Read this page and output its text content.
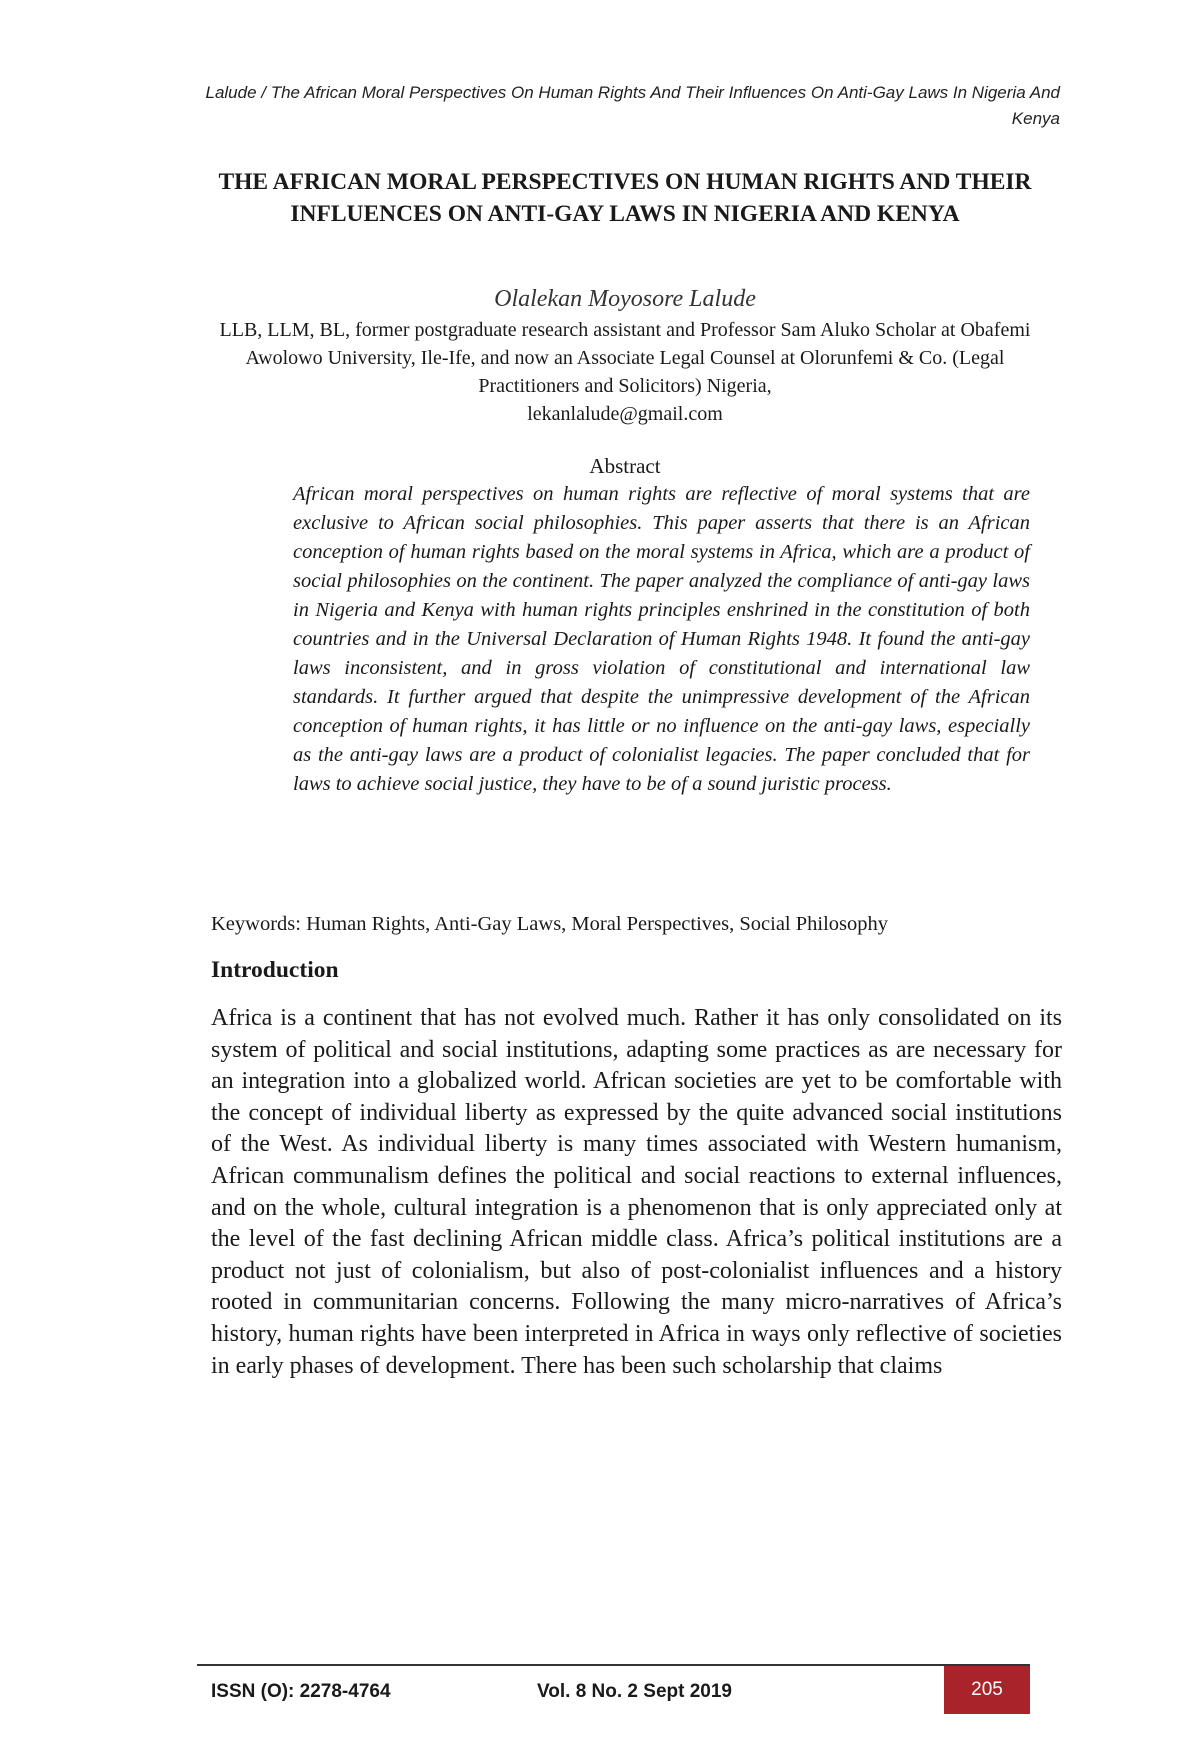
Lalude / The African Moral Perspectives On Human Rights And Their Influences On Anti-Gay Laws In Nigeria And Kenya
THE AFRICAN MORAL PERSPECTIVES ON HUMAN RIGHTS AND THEIR INFLUENCES ON ANTI-GAY LAWS IN NIGERIA AND KENYA
Olalekan Moyosore Lalude
LLB, LLM, BL, former postgraduate research assistant and Professor Sam Aluko Scholar at Obafemi Awolowo University, Ile-Ife, and now an Associate Legal Counsel at Olorunfemi & Co. (Legal Practitioners and Solicitors) Nigeria,
lekanlalude@gmail.com
Abstract

African moral perspectives on human rights are reflective of moral systems that are exclusive to African social philosophies. This paper asserts that there is an African conception of human rights based on the moral systems in Africa, which are a product of social philosophies on the continent. The paper analyzed the compliance of anti-gay laws in Nigeria and Kenya with human rights principles enshrined in the constitution of both countries and in the Universal Declaration of Human Rights 1948. It found the anti-gay laws inconsistent, and in gross violation of constitutional and international law standards. It further argued that despite the unimpressive development of the African conception of human rights, it has little or no influence on the anti-gay laws, especially as the anti-gay laws are a product of colonialist legacies. The paper concluded that for laws to achieve social justice, they have to be of a sound juristic process.

Keywords: Human Rights, Anti-Gay Laws, Moral Perspectives, Social Philosophy
Introduction

Africa is a continent that has not evolved much. Rather it has only consolidated on its system of political and social institutions, adapting some practices as are necessary for an integration into a globalized world. African societies are yet to be comfortable with the concept of individual liberty as expressed by the quite advanced social institutions of the West. As individual liberty is many times associated with Western humanism, African communalism defines the political and social reactions to external influences, and on the whole, cultural integration is a phenomenon that is only appreciated only at the level of the fast declining African middle class. Africa’s political institutions are a product not just of colonialism, but also of post-colonialist influences and a history rooted in communitarian concerns. Following the many micro-narratives of Africa’s history, human rights have been interpreted in Africa in ways only reflective of societies in early phases of development. There has been such scholarship that claims

ISSN (O): 2278-4764	Vol. 8 No. 2 Sept 2019	205
